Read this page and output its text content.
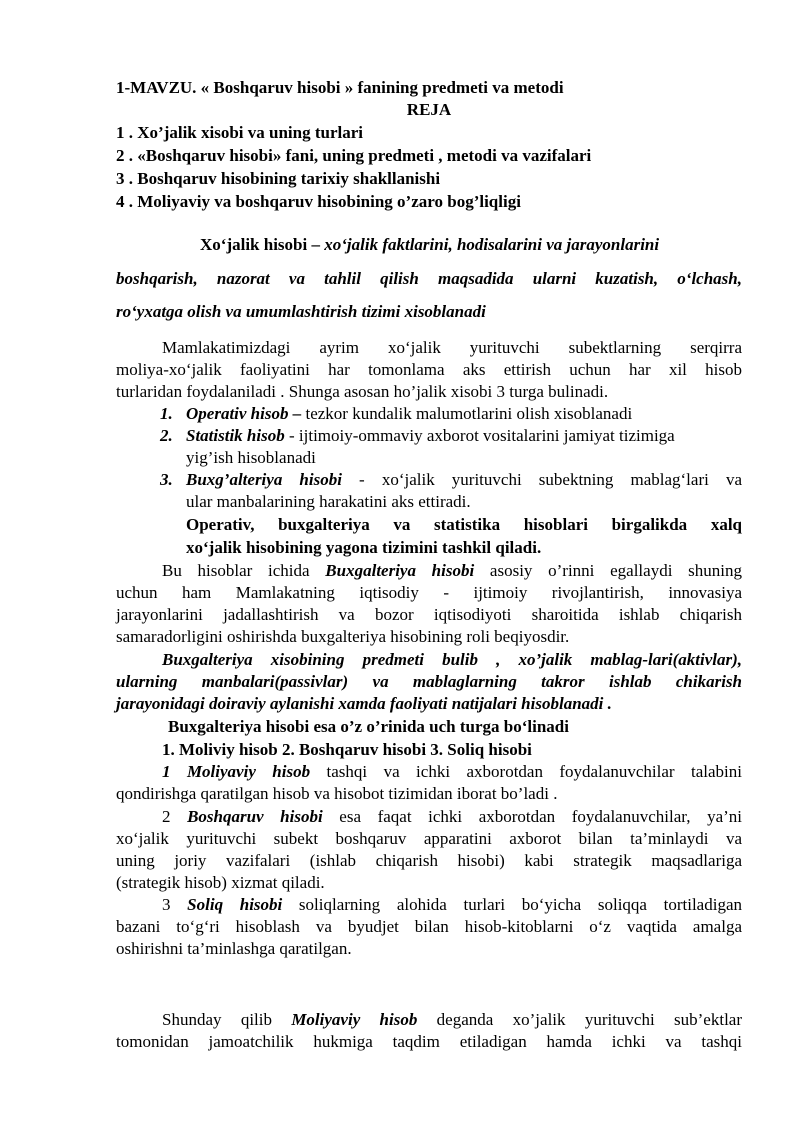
1-MAVZU. « Boshqaruv hisobi » fanining predmeti va metodi
REJA
1 . Xo’jalik xisobi va uning turlari
2 . «Boshqaruv hisobi» fani, uning predmeti , metodi va vazifalari
3 . Boshqaruv hisobining tarixiy shakllanishi
4 . Moliyaviy va boshqaruv hisobining o’zaro bog’liqligi
Xo‘jalik hisobi – xo‘jalik faktlarini, hodisalarini va jarayonlarini
boshqarish, nazorat va tahlil qilish maqsadida ularni kuzatish, o‘lchash,
ro‘yxatga olish va umumlashtirish tizimi xisoblanadi
Mamlakatimizdagi ayrim xo‘jalik yurituvchi subektlarning serqirra
moliya-xo‘jalik faoliyatini har tomonlama aks ettirish uchun har xil hisob
turlaridan foydalaniladi . Shunga asosan ho’jalik xisobi 3 turga bulinadi.
1. Operativ hisob – tezkor kundalik malumotlarini olish xisoblanadi
2. Statistik hisob - ijtimoiy-ommaviy axborot vositalarini jamiyat tizimiga
yig’ish hisoblanadi
3. Buxg’alteriya hisobi - xo‘jalik yurituvchi subektning mablag‘lari va
ular manbalarining harakatini aks ettiradi.
Operativ, buxgalteriya va statistika hisoblari birgalikda xalq
xo‘jalik hisobining yagona tizimini tashkil qiladi.
Bu hisoblar ichida Buxgalteriya hisobi asosiy o’rinni egallaydi shuning
uchun ham Mamlakatning iqtisodiy - ijtimoiy rivojlantirish, innovasiya
jarayonlarini jadallashtirish va bozor iqtisodiyoti sharoitida ishlab chiqarish
samaradorligini oshirishda buxgalteriya hisobining roli beqiyosdir.
Buxgalteriya xisobining predmeti bulib , xo’jalik mablag-lari(aktivlar),
ularning manbalari(passivlar) va mablaglarning takror ishlab chikarish
jarayonidagi doiraviy aylanishi xamda faoliyati natijalari hisoblanadi .
Buxgalteriya hisobi esa o’z o’rinida uch turga bo‘linadi
1. Moliviy hisob 2. Boshqaruv hisobi 3. Soliq hisobi
1 Moliyaviy hisob tashqi va ichki axborotdan foydalanuvchilar talabini
qondirishga qaratilgan hisob va hisobot tizimidan iborat bo’ladi .
2 Boshqaruv hisobi esa faqat ichki axborotdan foydalanuvchilar, ya’ni
xo‘jalik yurituvchi subekt boshqaruv apparatini axborot bilan ta’minlaydi va
uning joriy vazifalari (ishlab chiqarish hisobi) kabi strategik maqsadlariga
(strategik hisob) xizmat qiladi.
3 Soliq hisobi soliqlarning alohida turlari bo‘yicha soliqqa tortiladigan
bazani to‘g‘ri hisoblash va byudjet bilan hisob-kitoblarni o‘z vaqtida amalga
oshirishni ta’minlashga qaratilgan.
Shunday qilib Moliyaviy hisob deganda xo’jalik yurituvchi sub’ektlar
tomonidan jamoatchilik hukmiga taqdim etiladigan hamda ichki va tashqi
